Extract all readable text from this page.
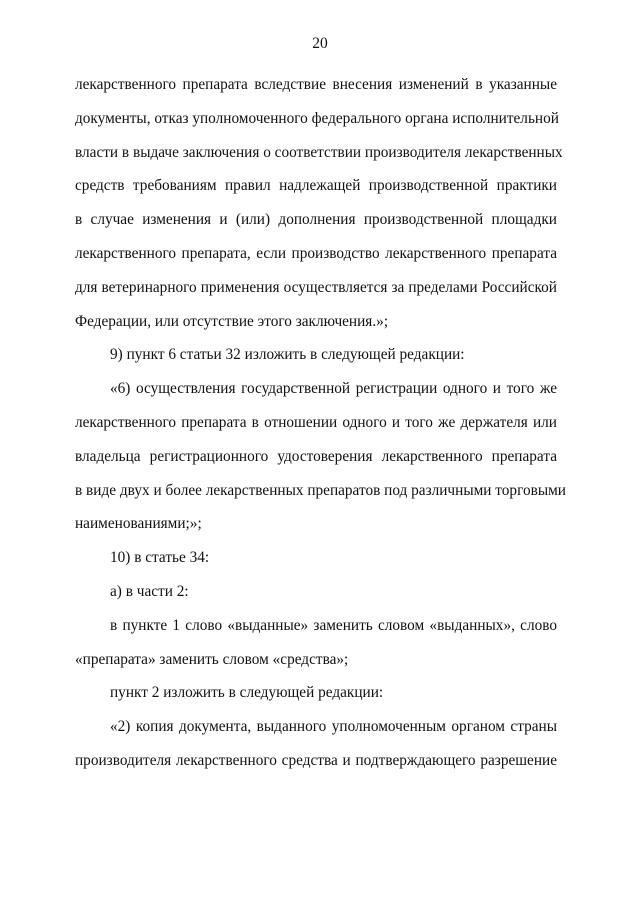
20
лекарственного препарата вследствие внесения изменений в указанные
документы, отказ уполномоченного федерального органа исполнительной
власти в выдаче заключения о соответствии производителя лекарственных
средств требованиям правил надлежащей производственной практики
в случае изменения и (или) дополнения производственной площадки
лекарственного препарата, если производство лекарственного препарата
для ветеринарного применения осуществляется за пределами Российской
Федерации, или отсутствие этого заключения.»;
9) пункт 6 статьи 32 изложить в следующей редакции:
«6) осуществления государственной регистрации одного и того же
лекарственного препарата в отношении одного и того же держателя или
владельца регистрационного удостоверения лекарственного препарата
в виде двух и более лекарственных препаратов под различными торговыми
наименованиями;»;
10) в статье 34:
а) в части 2:
в пункте 1 слово «выданные» заменить словом «выданных», слово
«препарата» заменить словом «средства»;
пункт 2 изложить в следующей редакции:
«2) копия документа, выданного уполномоченным органом страны
производителя лекарственного средства и подтверждающего разрешение
